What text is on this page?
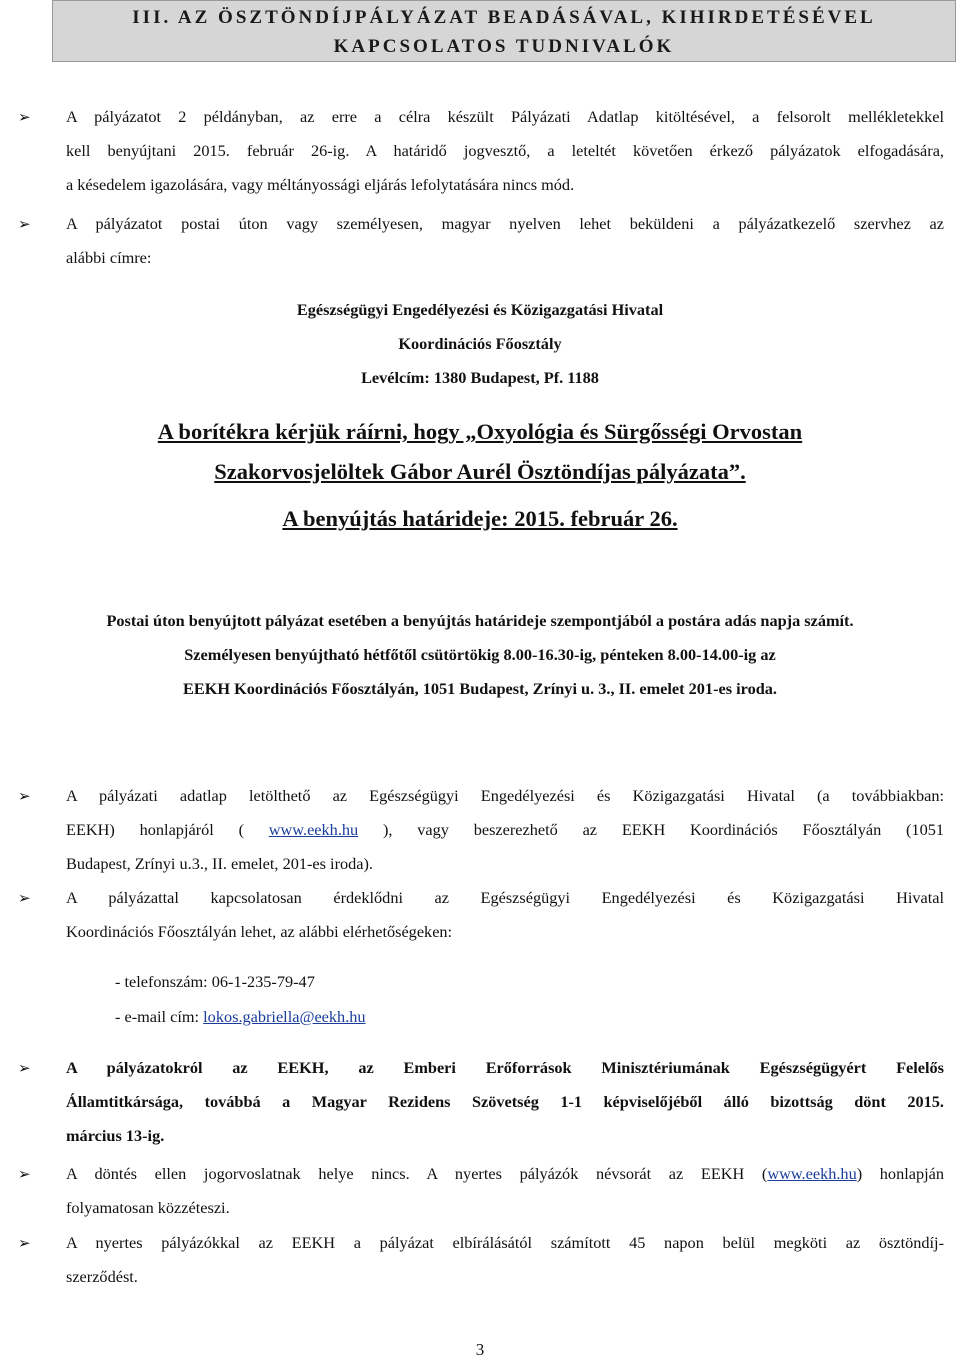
III. AZ ÖSZTÖNDÍJPÁLYÁZAT BEADÁSÁVAL, KIHIRDETÉSÉVEL
KAPCSOLATOS TUDNIVALÓK
➢ A pályázatot 2 példányban, az erre a célra készült Pályázati Adatlap kitöltésével, a felsorolt mellékletekkel
kell benyújtani 2015. február 26-ig. A határidő jogvesztő, a leteltét követően érkező pályázatok elfogadására,
a késedelem igazolására, vagy méltányossági eljárás lefolytatására nincs mód.
➢ A pályázatot postai úton vagy személyesen, magyar nyelven lehet beküldeni a pályázatkezelő szervhez az
alábbi címre:
Egészségügyi Engedélyezési és Közigazgatási Hivatal
Koordinációs Főosztály
Levélcím: 1380 Budapest, Pf. 1188
A borítékra kérjük ráírni, hogy „Oxyológia és Sürgősségi Orvostan
Szakorvosjelöltek Gábor Aurél Ösztöndíjas pályázata”.
A benyújtás határideje: 2015. február 26.
Postai úton benyújtott pályázat esetében a benyújtás határideje szempontjából a postára adás napja számít.
Személyesen benyújtható hétfőtől csütörtökig 8.00-16.30-ig, pénteken 8.00-14.00-ig az
EEKH Koordinációs Főosztályán, 1051 Budapest, Zrínyi u. 3., II. emelet 201-es iroda.
➢ A pályázati adatlap letölthető az Egészségügyi Engedélyezési és Közigazgatási Hivatal (a továbbiakban:
EEKH) honlapjáról ( www.eekh.hu ), vagy beszerezhető az EEKH Koordinációs Főosztályán (1051
Budapest, Zrínyi u.3., II. emelet, 201-es iroda).
➢ A pályázattal kapcsolatosan érdeklődni az Egészségügyi Engedélyezési és Közigazgatási Hivatal
Koordinációs Főosztályán lehet, az alábbi elérhetőségeken:
- telefonszám: 06-1-235-79-47
- e-mail cím: lokos.gabriella@eekh.hu
➢ A pályázatokról az EEKH, az Emberi Erőforrások Minisztériumának Egészségügyért Felelős
Államtitkársága, továbbá a Magyar Rezidens Szövetség 1-1 képviselőjéből álló bizottság dönt 2015.
március 13-ig.
➢ A döntés ellen jogorvoslatnak helye nincs. A nyertes pályázók névsorát az EEKH (www.eekh.hu) honlapján
folyamatosan közzéteszi.
➢ A nyertes pályázókkal az EEKH a pályázat elbírálásától számított 45 napon belül megköti az ösztöndíj-
szerződést.
3
